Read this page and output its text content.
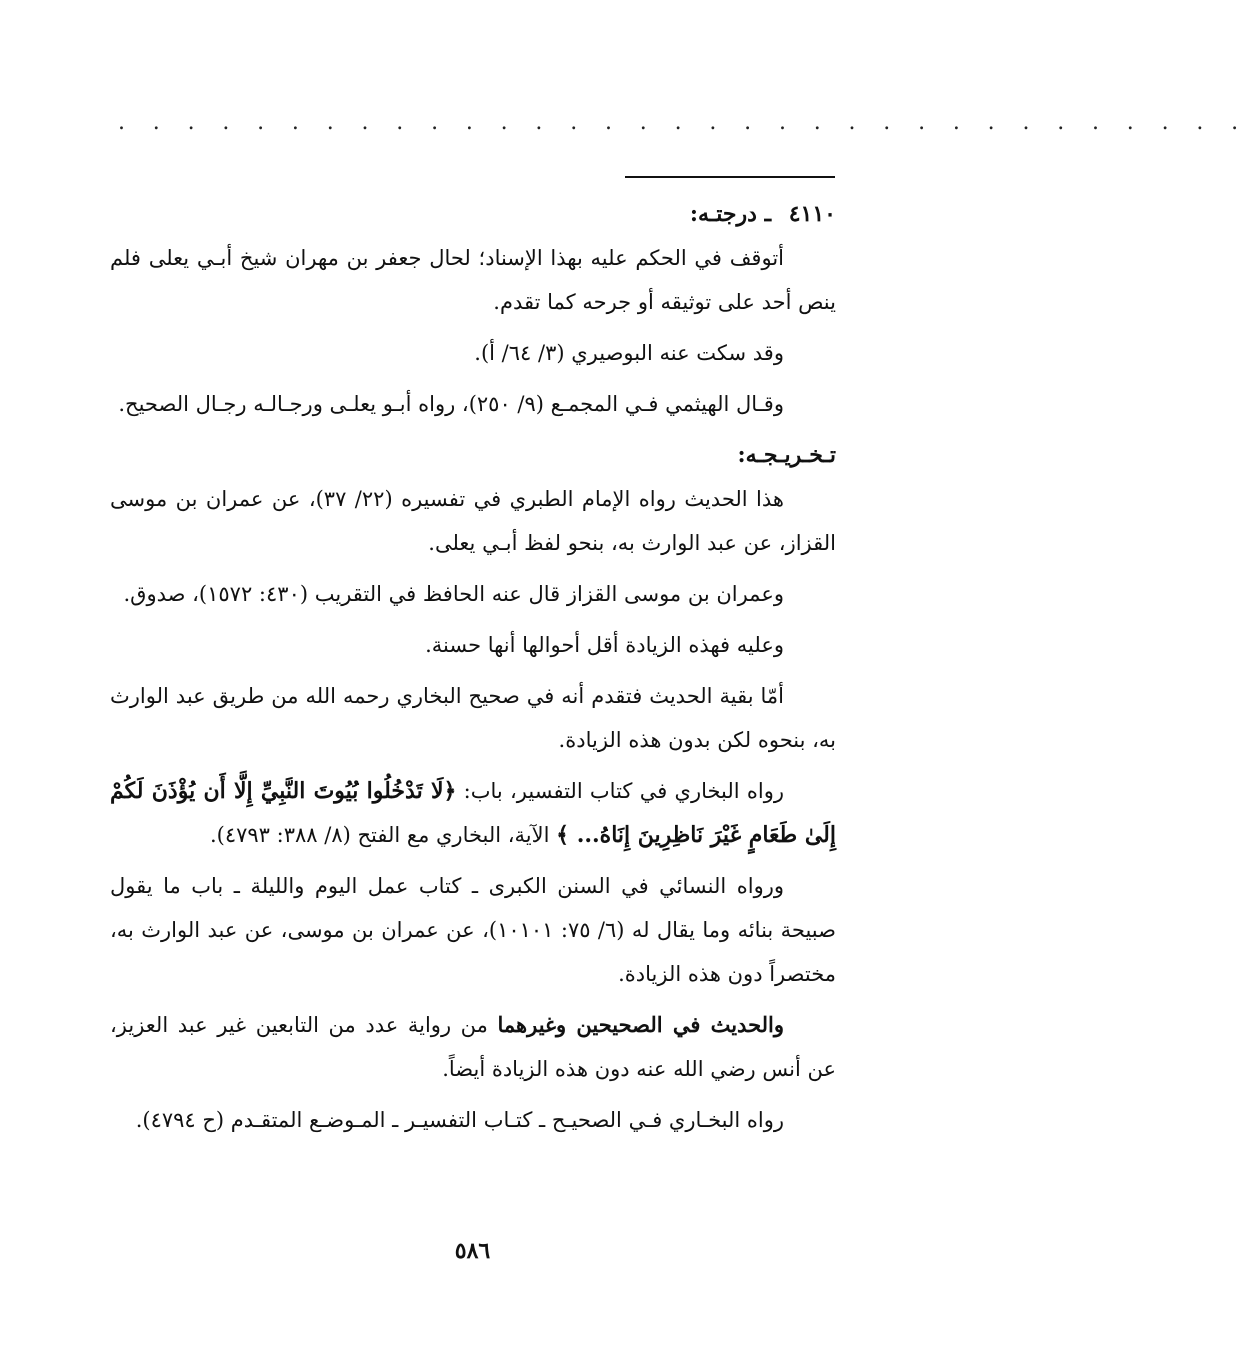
. . . . . . . . . . . . . . . . . . . . . . . . . . . . . . . . .

٤١١٠ ـ درجتـه:

أتوقف في الحكم عليه بهذا الإسناد؛ لحال جعفر بن مهران شيخ أبـي يعلى فلم ينص أحد على توثيقه أو جرحه كما تقدم.

وقد سكت عنه البوصيري (٣/ ٦٤/ أ).

وقـال الهيثمي فـي المجمـع (٩/ ٢٥٠)، رواه أبـو يعلـى ورجـالـه رجـال الصحيح.

تـخـريـجـه:

هذا الحديث رواه الإمام الطبري في تفسيره (٢٢/ ٣٧)، عن عمران بن موسى القزاز، عن عبد الوارث به، بنحو لفظ أبـي يعلى.

وعمران بن موسى القزاز قال عنه الحافظ في التقريب (٤٣٠: ١٥٧٢)، صدوق.

وعليه فهذه الزيادة أقل أحوالها أنها حسنة.

أمّا بقية الحديث فتقدم أنه في صحيح البخاري رحمه الله من طريق عبد الوارث به، بنحوه لكن بدون هذه الزيادة.

رواه البخاري في كتاب التفسير، باب: ﴿لَا تَدْخُلُوا بُيُوتَ النَّبِيِّ إِلَّا أَن يُؤْذَنَ لَكُمْ إِلَىٰ طَعَامٍ غَيْرَ نَاظِرِينَ إِنَاهُ... ﴾ الآية، البخاري مع الفتح (٨/ ٣٨٨: ٤٧٩٣).

ورواه النسائي في السنن الكبرى ـ كتاب عمل اليوم والليلة ـ باب ما يقول صبيحة بنائه وما يقال له (٦/ ٧٥: ١٠١٠١)، عن عمران بن موسى، عن عبد الوارث به، مختصراً دون هذه الزيادة.

والحديث في الصحيحين وغيرهما من رواية عدد من التابعين غير عبد العزيز، عن أنس رضي الله عنه دون هذه الزيادة أيضاً.

رواه البخـاري فـي الصحيـح ـ كتـاب التفسيـر ـ المـوضـع المتقـدم (ح ٤٧٩٤).

٥٨٦
